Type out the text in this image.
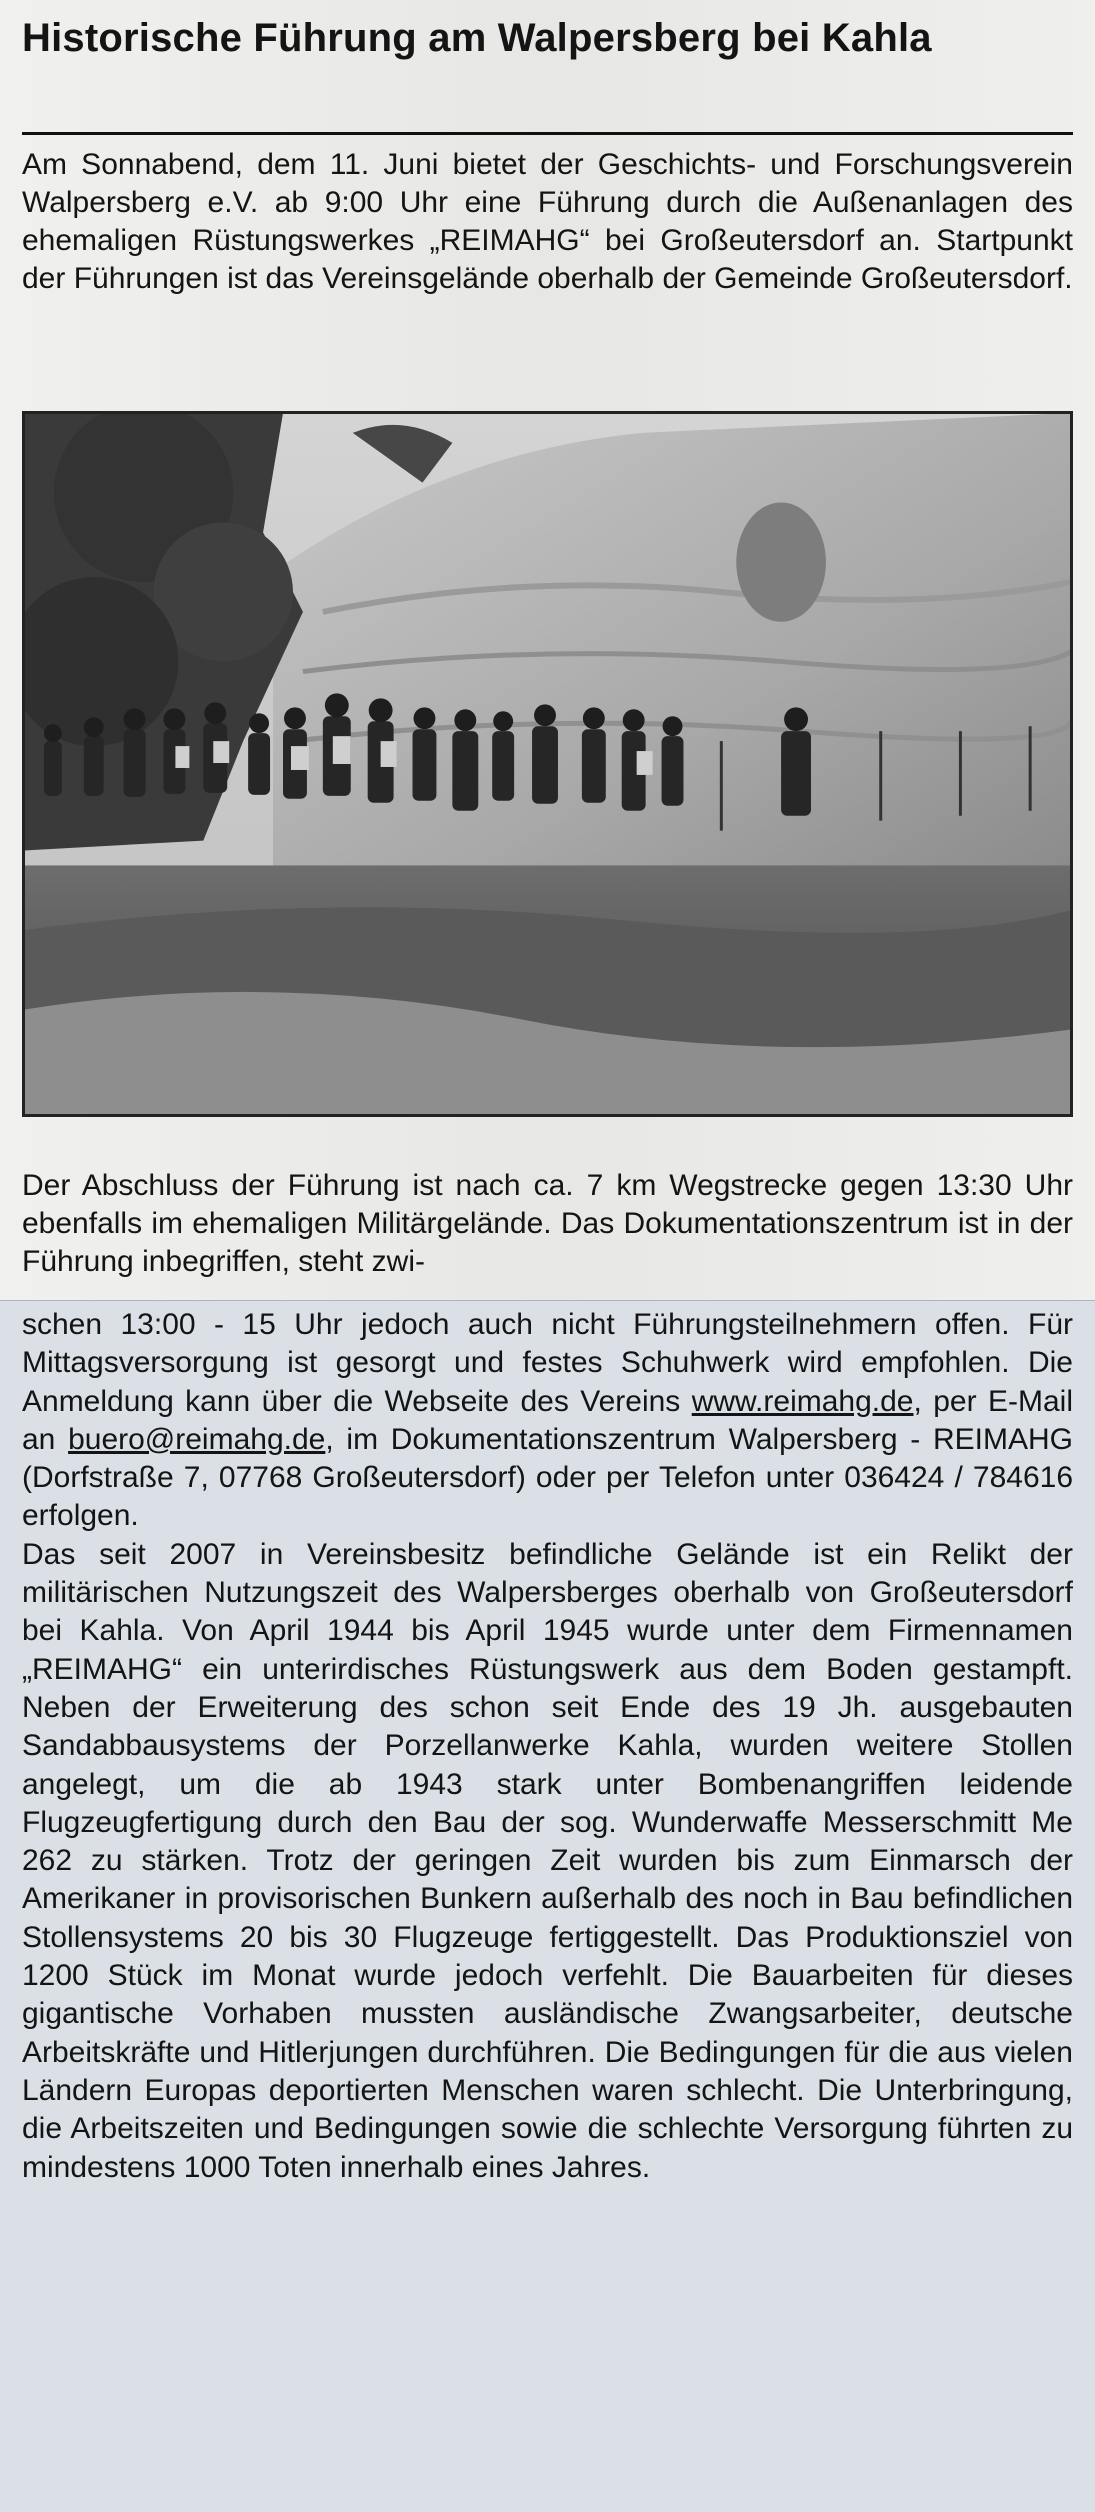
Historische Führung am Walpersberg bei Kahla

Am Sonnabend, dem 11. Juni bietet der Geschichts- und Forschungsverein Walpersberg e.V. ab 9:00 Uhr eine Führung durch die Außenanlagen des ehemaligen Rüstungswerkes „REIMAHG“ bei Großeutersdorf an. Startpunkt der Führungen ist das Vereinsgelände oberhalb der Gemeinde Großeutersdorf.

Der Abschluss der Führung ist nach ca. 7 km Wegstrecke gegen 13:30 Uhr ebenfalls im ehemaligen Militärgelände. Das Dokumentationszentrum ist in der Führung inbegriffen, steht zwi-

schen 13:00 - 15 Uhr jedoch auch nicht Führungsteilnehmern offen. Für Mittagsversorgung ist gesorgt und festes Schuhwerk wird empfohlen. Die Anmeldung kann über die Webseite des Vereins www.reimahg.de, per E-Mail an buero@reimahg.de, im Dokumentationszentrum Walpersberg - REIMAHG (Dorfstraße 7, 07768 Großeutersdorf) oder per Telefon unter 036424 / 784616 erfolgen.

Das seit 2007 in Vereinsbesitz befindliche Gelände ist ein Relikt der militärischen Nutzungszeit des Walpersberges oberhalb von Großeutersdorf bei Kahla. Von April 1944 bis April 1945 wurde unter dem Firmennamen „REIMAHG“ ein unterirdisches Rüstungswerk aus dem Boden gestampft. Neben der Erweiterung des schon seit Ende des 19 Jh. ausgebauten Sandabbausystems der Porzellanwerke Kahla, wurden weitere Stollen angelegt, um die ab 1943 stark unter Bombenangriffen leidende Flugzeugfertigung durch den Bau der sog. Wunderwaffe Messerschmitt Me 262 zu stärken. Trotz der geringen Zeit wurden bis zum Einmarsch der Amerikaner in provisorischen Bunkern außerhalb des noch in Bau befindlichen Stollensystems 20 bis 30 Flugzeuge fertiggestellt. Das Produktionsziel von 1200 Stück im Monat wurde jedoch verfehlt. Die Bauarbeiten für dieses gigantische Vorhaben mussten ausländische Zwangsarbeiter, deutsche Arbeitskräfte und Hitlerjungen durchführen. Die Bedingungen für die aus vielen Ländern Europas deportierten Menschen waren schlecht. Die Unterbringung, die Arbeitszeiten und Bedingungen sowie die schlechte Versorgung führten zu mindestens 1000 Toten innerhalb eines Jahres.
